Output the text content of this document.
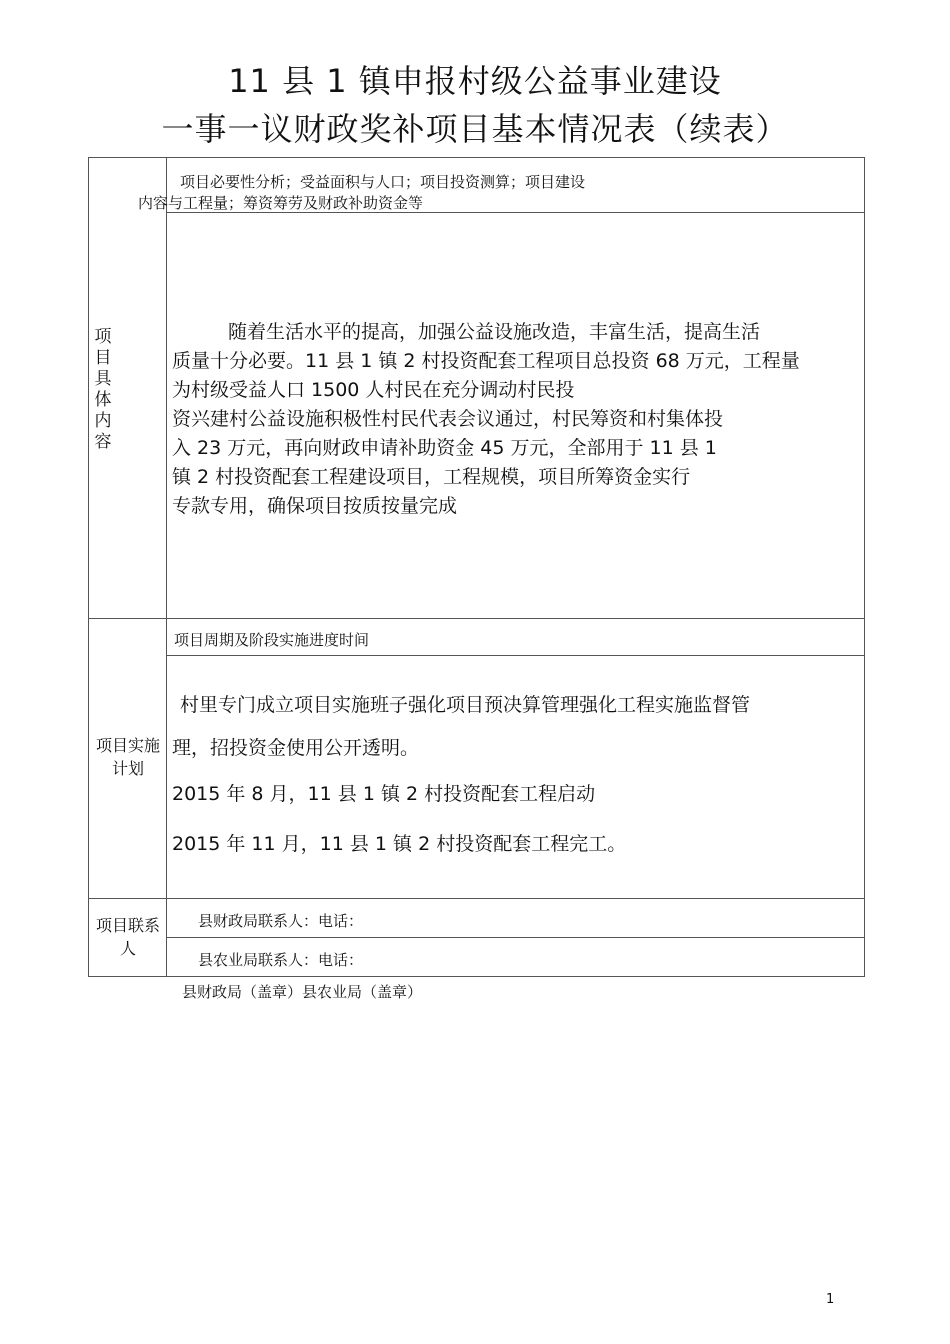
11 县 1 镇申报村级公益事业建设
一事一议财政奖补项目基本情况表（续表）
项目具体内容
项目必要性分析；受益面积与人口；项目投资测算；项目建设
内容与工程量；筹资筹劳及财政补助资金等

随着生活水平的提高，加强公益设施改造，丰富生活，提高生活

质量十分必要。11 县 1 镇 2 村投资配套工程项目总投资 68 万元，工程量

为村级受益人口 1500 人村民在充分调动村民投

资兴建村公益设施积极性村民代表会议通过，村民筹资和村集体投

入 23 万元，再向财政申请补助资金 45 万元，全部用于 11 县 1

镇 2 村投资配套工程建设项目，工程规模，项目所筹资金实行

专款专用，确保项目按质按量完成

项目实施计划
项目周期及阶段实施进度时间
村里专门成立项目实施班子强化项目预决算管理强化工程实施监督管
理，招投资金使用公开透明。
2015 年 8 月，11 县 1 镇 2 村投资配套工程启动
2015 年 11 月，11 县 1 镇 2 村投资配套工程完工。
项目联系人
县财政局联系人：电话：
县农业局联系人：电话：
县财政局（盖章）县农业局（盖章）
1
